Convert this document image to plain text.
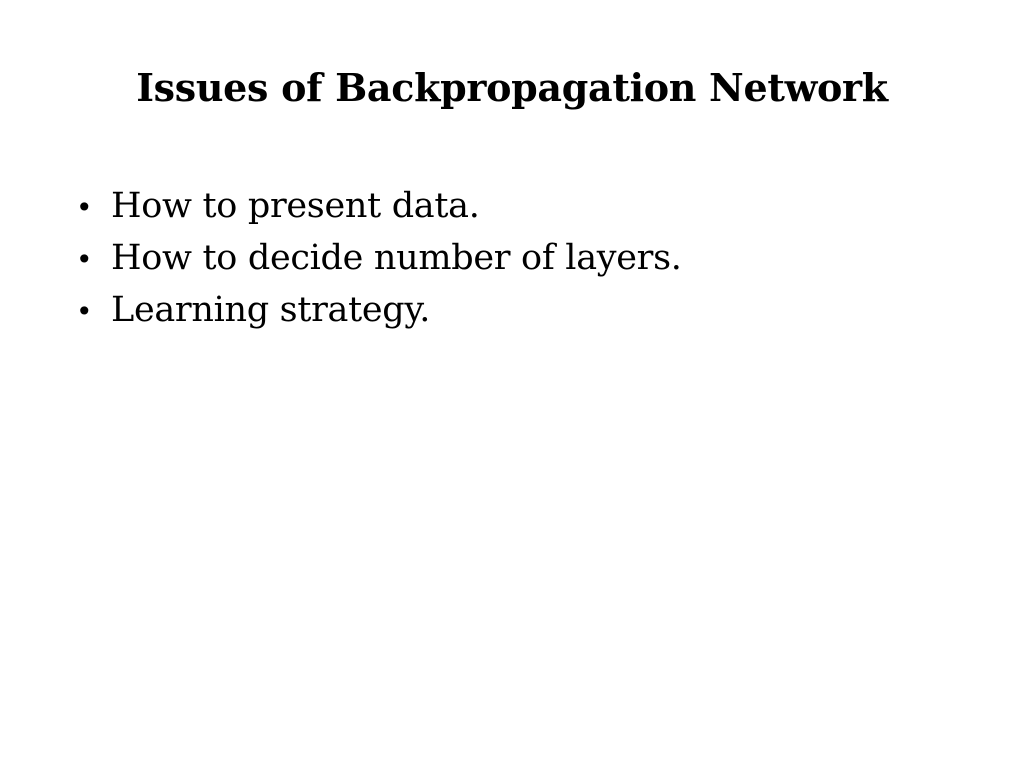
Issues of Backpropagation Network
• How to present data.
• How to decide number of layers.
• Learning strategy.
